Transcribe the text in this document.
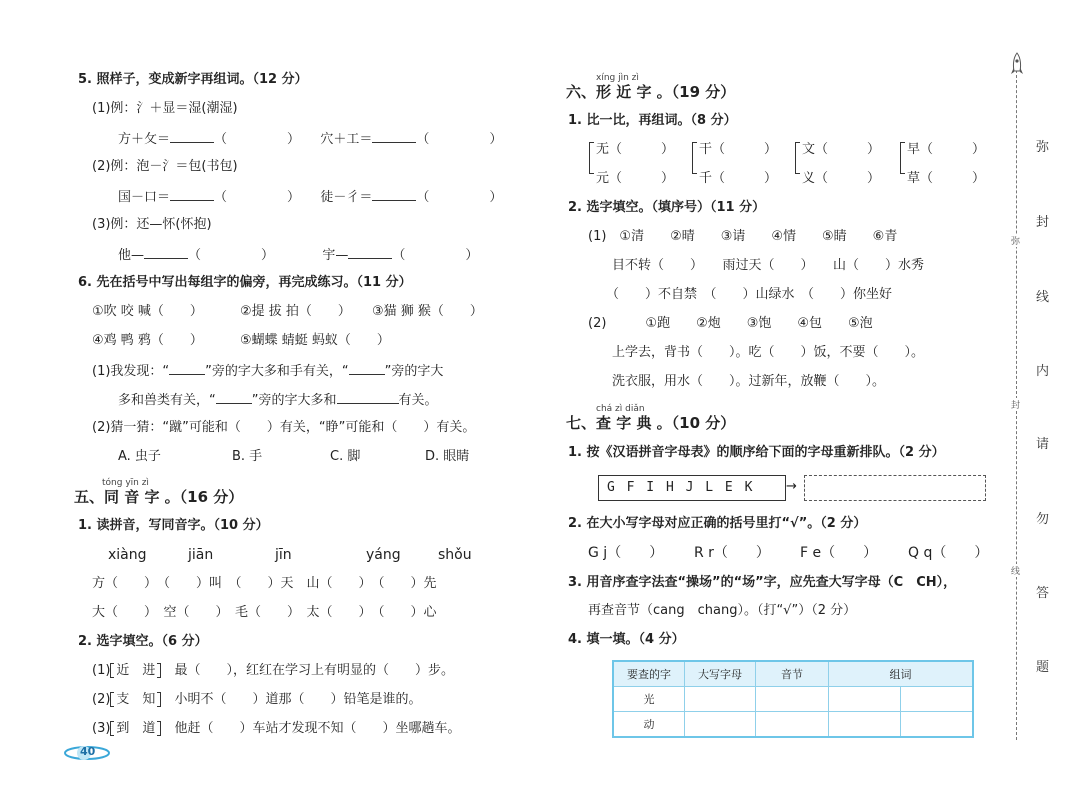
5. 照样子，变成新字再组词。（12 分）
(1)例：氵＋显＝湿(潮湿)
方＋攵＝	（	） 穴＋工＝	（	）
(2)例：泡－氵＝包(书包)
国－口＝	（	） 徒－彳＝	（	）
(3)例：还—怀(怀抱)
他—	（	）	宇—	（	）
6. 先在括号中写出每组字的偏旁，再完成练习。（11 分）
①吹 咬 喊（　　）	②提 拔 拍（　　） ③猫 狮 猴（　　）
④鸡 鸭 鸦（　　）	⑤蝴蝶 蜻蜓 蚂蚁（　　）
(1)我发现：“	”旁的字大多和手有关，“	”旁的字大
多和兽类有关，“	”旁的字大多和	有关。
(2)猜一猜：“蹴”可能和（　　）有关，“睁”可能和（　　）有关。
A. 虫子	B. 手	C. 脚	D. 眼睛
tóng yīn zì
五、同 音 字 。（16 分）
1. 读拼音，写同音字。（10 分）
xiàng	jiān	jīn	yáng	shǒu
方（　　）　（　　）叫　（　　）天　山（　　）　（　　）先
大（　　）　空（　　）　毛（　　）　太（　　）　（　　）心
2. 选字填空。（6 分）
(1) 近　进　 最（　　），红红在学习上有明显的（　　）步。
(2) 支　知　 小明不（　　）道那（　　）铅笔是谁的。
(3) 到　道　 他赶（　　）车站才发现不知（　　）坐哪趟车。
40
xíng jìn zì
六、形 近 字 。（19 分）
1. 比一比，再组词。（8 分）
无（　　　）
元（　　　）
干（　　　）
千（　　　）
文（　　　）
义（　　　）
早（　　　）
草（　　　）
2. 选字填空。（填序号）（11 分）
(1)　①清　　②晴　　③请　　④情　　⑤睛　　⑥青
目不转（　　）　　雨过天（　　）　　山（　　）水秀
（　　）不自禁　（　　）山绿水　（　　）你坐好
(2)　　　①跑　　②炮　　③饱　　④包　　⑤泡
上学去，背书（　　）。吃（　　）饭，不要（　　）。
洗衣服，用水（　　）。过新年，放鞭（　　）。
chá zì diǎn
七、查 字 典 。（10 分）
1. 按《汉语拼音字母表》的顺序给下面的字母重新排队。（2 分）
G F I H J L E K →
2. 在大小写字母对应正确的括号里打“√”。（2 分）
G j（　　） R r（　　） F e（　　） Q q（　　）
3. 用音序查字法查“操场”的“场”字，应先查大写字母（C　CH），
再查音节（cang　chang）。（打“√”）（2 分）
4. 填一填。（4 分）
要查的字	大写字母	音节	组词	
光				
动				
弥
封
线
弥
封
线
内
请
勿
答
题
